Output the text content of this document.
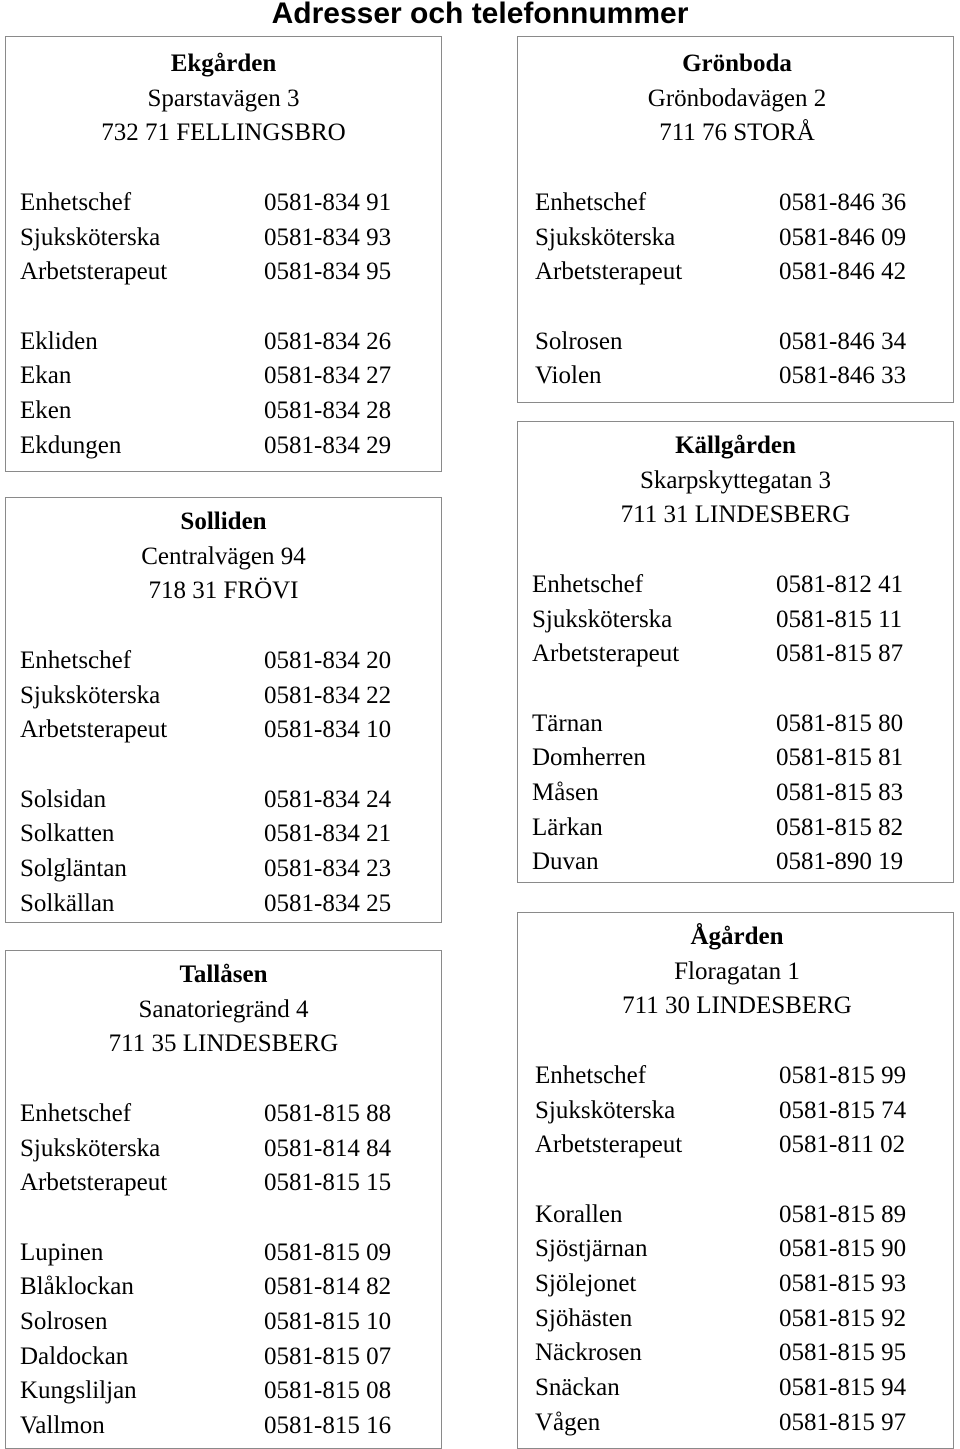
Adresser och telefonnummer
Ekgården
Sparstavägen 3
732 71 FELLINGSBRO
Enhetschef	0581-834 91
Sjuksköterska	0581-834 93
Arbetsterapeut	0581-834 95
Ekliden	0581-834 26
Ekan	0581-834 27
Eken	0581-834 28
Ekdungen	0581-834 29
Solliden
Centralvägen 94
718 31 FRÖVI
Enhetschef	0581-834 20
Sjuksköterska	0581-834 22
Arbetsterapeut	0581-834 10
Solsidan	0581-834 24
Solkatten	0581-834 21
Solgläntan	0581-834 23
Solkällan	0581-834 25
Tallåsen
Sanatoriegränd 4
711 35 LINDESBERG
Enhetschef	0581-815 88
Sjuksköterska	0581-814 84
Arbetsterapeut	0581-815 15
Lupinen	0581-815 09
Blåklockan	0581-814 82
Solrosen	0581-815 10
Daldockan	0581-815 07
Kungsliljan	0581-815 08
Vallmon	0581-815 16
Grönboda
Grönbodavägen 2
711 76 STORÅ
Enhetschef	0581-846 36
Sjuksköterska	0581-846 09
Arbetsterapeut	0581-846 42
Solrosen	0581-846 34
Violen	0581-846 33
Källgården
Skarpskyttegatan 3
711 31 LINDESBERG
Enhetschef	0581-812 41
Sjuksköterska	0581-815 11
Arbetsterapeut	0581-815 87
Tärnan	0581-815 80
Domherren	0581-815 81
Måsen	0581-815 83
Lärkan	0581-815 82
Duvan	0581-890 19
Ågården
Floragatan 1
711 30 LINDESBERG
Enhetschef	0581-815 99
Sjuksköterska	0581-815 74
Arbetsterapeut	0581-811 02
Korallen	0581-815 89
Sjöstjärnan	0581-815 90
Sjölejonet	0581-815 93
Sjöhästen	0581-815 92
Näckrosen	0581-815 95
Snäckan	0581-815 94
Vågen	0581-815 97
